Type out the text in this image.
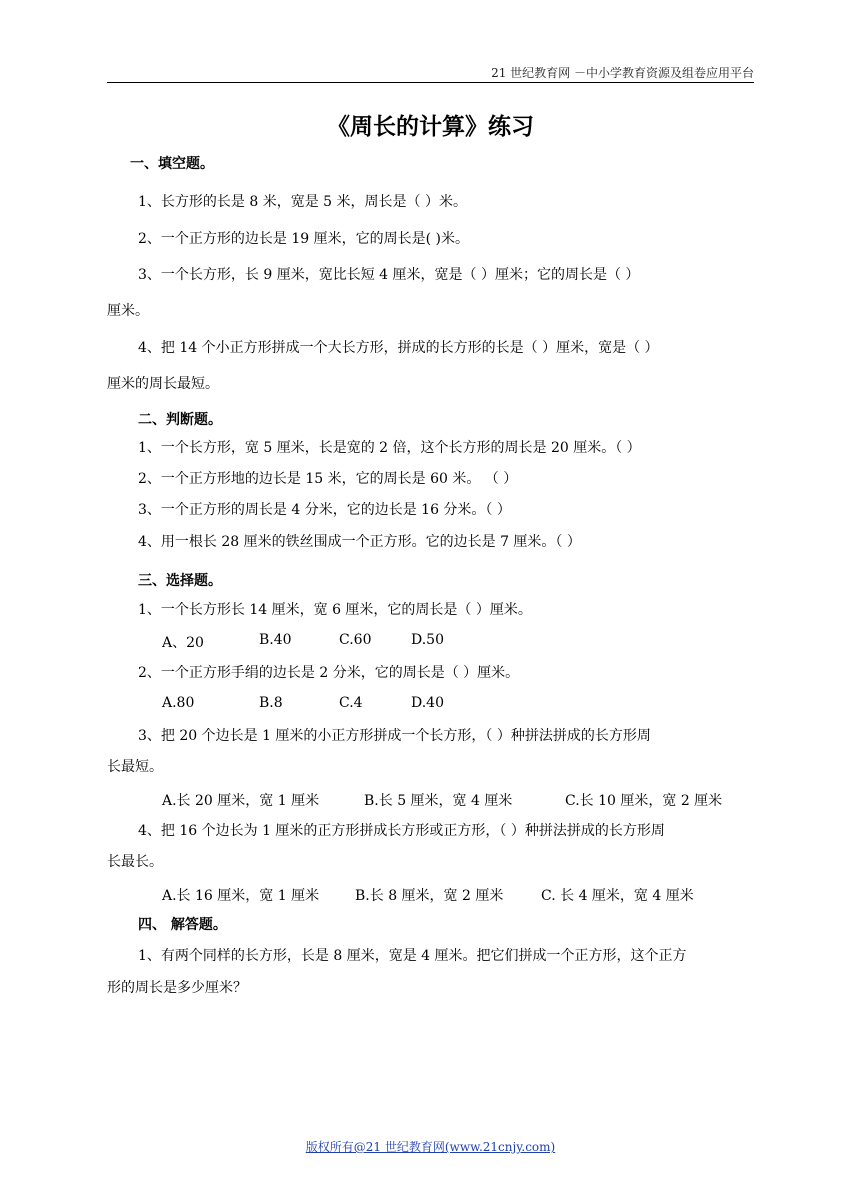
21 世纪教育网 －中小学教育资源及组卷应用平台
《周长的计算》练习
一、填空题。
1、长方形的长是 8 米，宽是 5 米，周长是（ ）米。
2、一个正方形的边长是 19 厘米，它的周长是( )米。
3、一个长方形，长 9 厘米，宽比长短 4 厘米，宽是（ ）厘米；它的周长是（ ）
厘米。
4、把 14 个小正方形拼成一个大长方形，拼成的长方形的长是（ ）厘米，宽是（ ）
厘米的周长最短。
二、判断题。
1、一个长方形，宽 5 厘米，长是宽的 2 倍，这个长方形的周长是 20 厘米。（ ）
2、一个正方形地的边长是 15 米，它的周长是 60 米。 （ ）
3、一个正方形的周长是 4 分米，它的边长是 16 分米。（ ）
4、用一根长 28 厘米的铁丝围成一个正方形。它的边长是 7 厘米。（ ）
三、选择题。
1、一个长方形长 14 厘米，宽 6 厘米，它的周长是（ ）厘米。
A、20	B.40	C.60	D.50
2、一个正方形手绢的边长是 2 分米，它的周长是（ ）厘米。
A.80	B.8	C.4	D.40
3、把 20 个边长是 1 厘米的小正方形拼成一个长方形，（ ）种拼法拼成的长方形周
长最短。
A.长 20 厘米，宽 1 厘米	B.长 5 厘米，宽 4 厘米	C.长 10 厘米，宽 2 厘米
4、把 16 个边长为 1 厘米的正方形拼成长方形或正方形，（ ）种拼法拼成的长方形周
长最长。
A.长 16 厘米，宽 1 厘米	B.长 8 厘米，宽 2 厘米	C. 长 4 厘米，宽 4 厘米
四、 解答题。
1、有两个同样的长方形，长是 8 厘米，宽是 4 厘米。把它们拼成一个正方形，这个正方
形的周长是多少厘米？
版权所有@21 世纪教育网(www.21cnjy.com)
